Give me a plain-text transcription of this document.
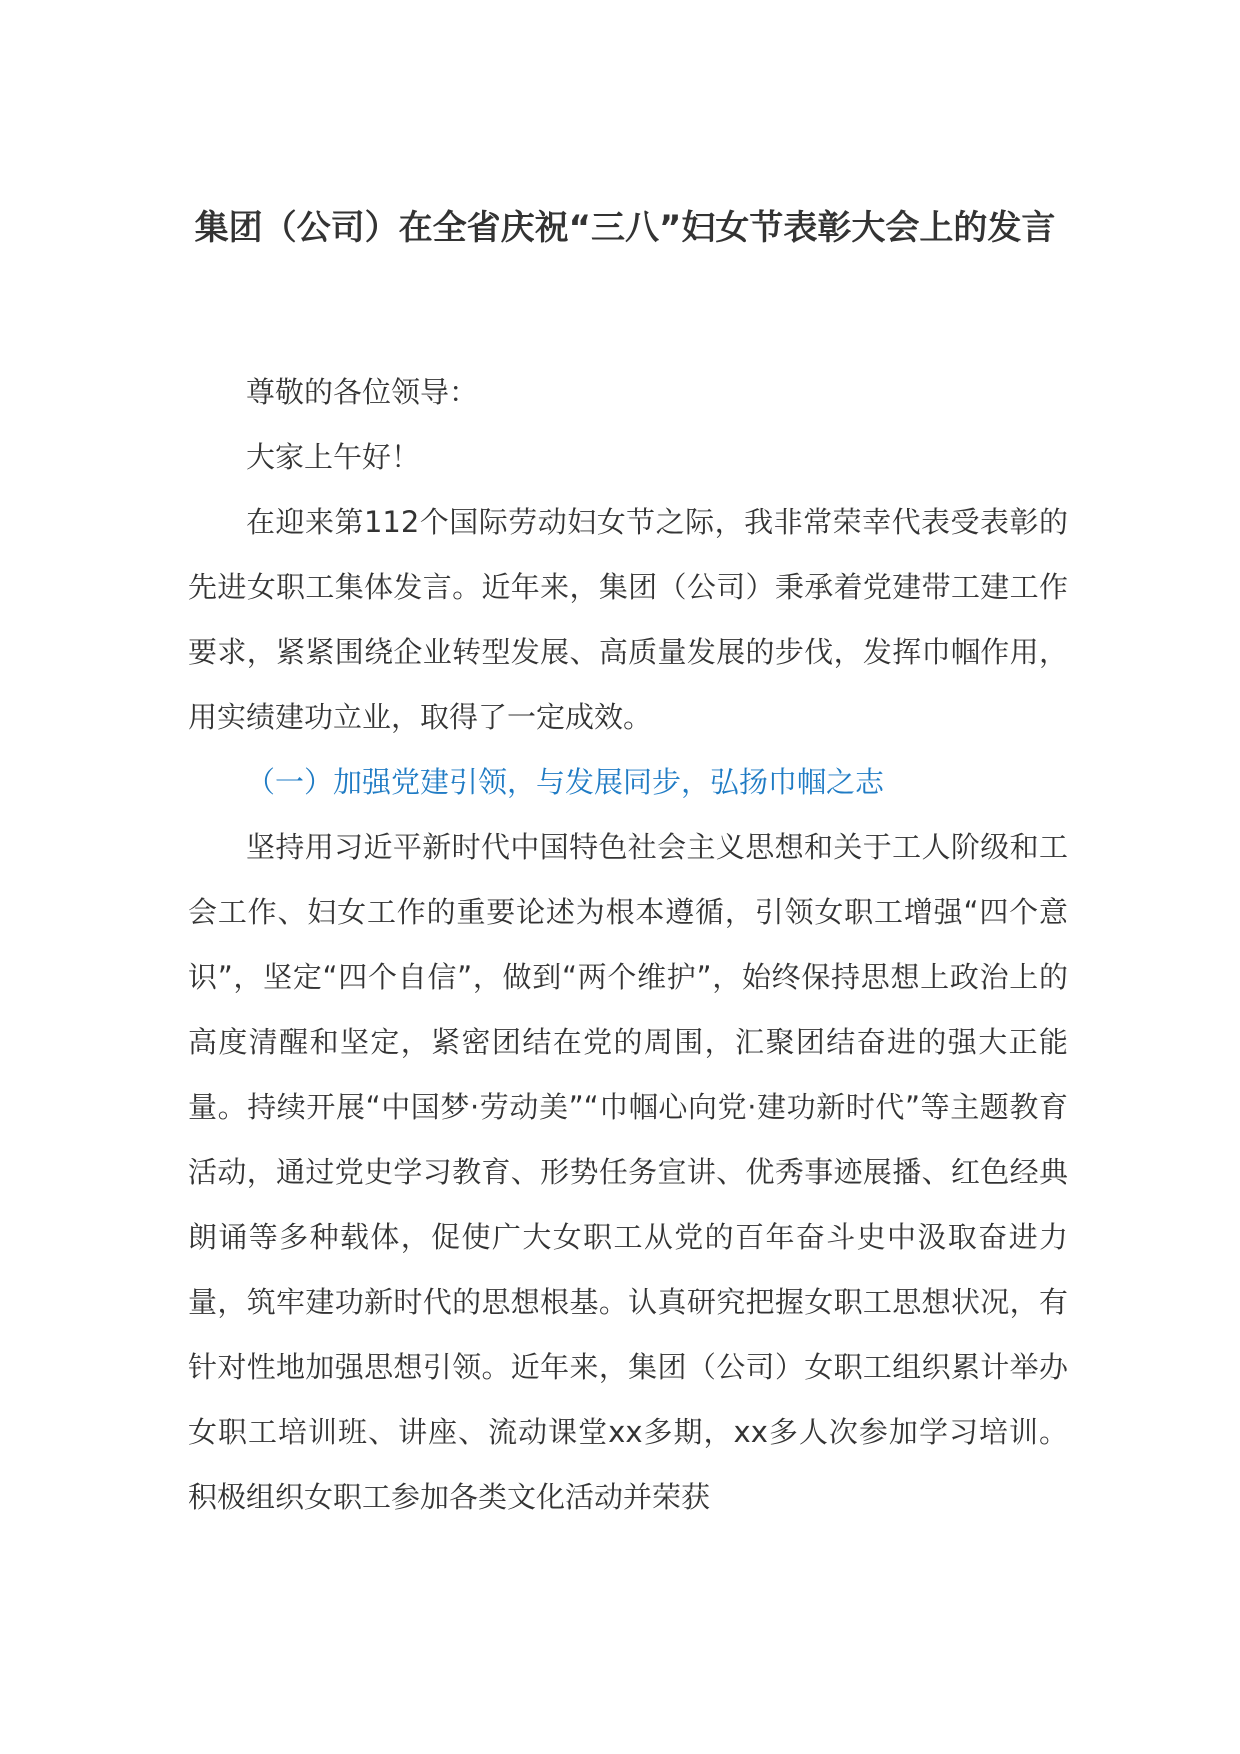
集团（公司）在全省庆祝“三八”妇女节表彰大会上的发言

尊敬的各位领导：

大家上午好！

在迎来第112个国际劳动妇女节之际，我非常荣幸代表受表彰的先进女职工集体发言。近年来，集团（公司）秉承着党建带工建工作要求，紧紧围绕企业转型发展、高质量发展的步伐，发挥巾帼作用，用实绩建功立业，取得了一定成效。

（一）加强党建引领，与发展同步，弘扬巾帼之志

坚持用习近平新时代中国特色社会主义思想和关于工人阶级和工会工作、妇女工作的重要论述为根本遵循，引领女职工增强“四个意识”，坚定“四个自信”，做到“两个维护”，始终保持思想上政治上的高度清醒和坚定，紧密团结在党的周围，汇聚团结奋进的强大正能量。持续开展“中国梦·劳动美”“巾帼心向党·建功新时代”等主题教育活动，通过党史学习教育、形势任务宣讲、优秀事迹展播、红色经典朗诵等多种载体，促使广大女职工从党的百年奋斗史中汲取奋进力量，筑牢建功新时代的思想根基。认真研究把握女职工思想状况，有针对性地加强思想引领。近年来，集团（公司）女职工组织累计举办女职工培训班、讲座、流动课堂xx多期，xx多人次参加学习培训。积极组织女职工参加各类文化活动并荣获
